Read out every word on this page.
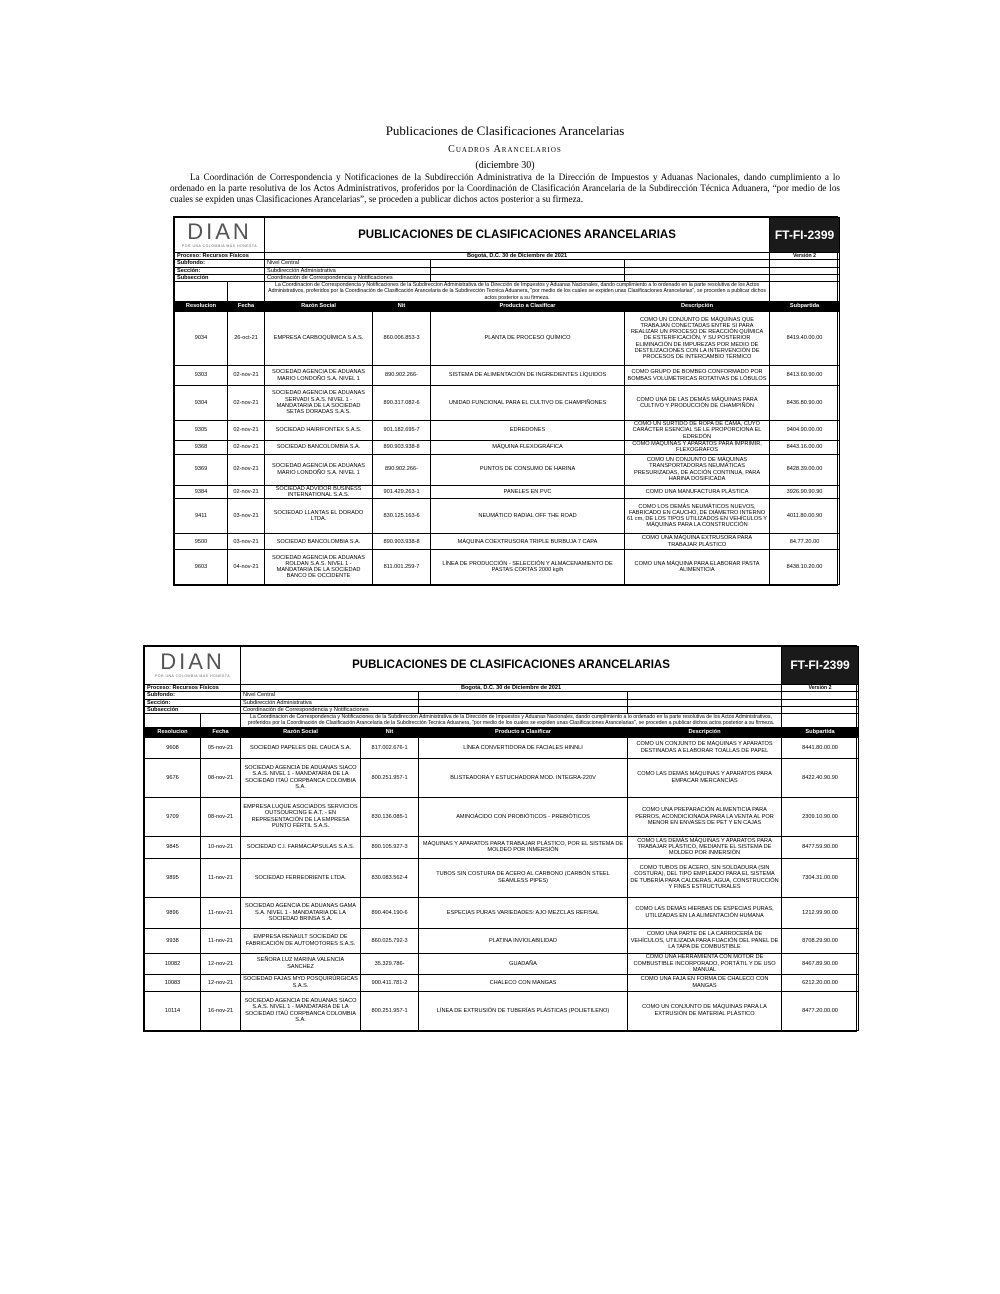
Publicaciones de Clasificaciones Arancelarias
Cuadros Arancelarios
(diciembre 30)
La Coordinación de Correspondencia y Notificaciones de la Subdirección Administrativa de la Dirección de Impuestos y Aduanas Nacionales, dando cumplimiento a lo ordenado en la parte resolutiva de los Actos Administrativos, proferidos por la Coordinación de Clasificación Arancelaria de la Subdirección Técnica Aduanera, “por medio de los cuales se expiden unas Clasificaciones Arancelarias”, se proceden a publicar dichos actos posterior a su firmeza.
DIAN
POR UNA COLOMBIA MÁS HONESTA		PUBLICACIONES DE CLASIFICACIONES ARANCELARIAS				FT-FI-2399
Proceso: Recursos Físicos		Bogotá, D.C. 30 de Diciembre de 2021				Versión 2
Subfondo:		Nivel Central				
Sección:		Subdirección Administrativa				
Subsección		Coordinación de Correspondencia y Notificaciones				
		La Coordinacion de Correspondencia y Notificaciones de la Subdireccion Administrativa de la Dirección de Impuestos y Aduanas Nacionales, dando cumplimiento a lo ordenado en la parte resolutiva de los Actos Administrativos, proferidos por la Coordinación de Clasificación Arancelaria de la Subdirección Tecnica Aduanera, "por medio de los cuales se expiden unas Clasificaciones Arancelarias", se proceden a publicar dichos actos posterior a su firmeza.				
Resolucion	Fecha	Razón Social	Nit	Producto a Clasificar	Descripción	Subpartida
9034	26-oct-21	EMPRESA CARBOQUÍMICA S.A.S.	860.006.853-3	PLANTA DE PROCESO QUÍMICO	COMO UN CONJUNTO DE MÁQUINAS QUE TRABAJAN CONECTADAS ENTRE SI PARA REALIZAR UN PROCESO DE REACCIÓN QUÍMICA DE ESTERIFICACIÓN, Y SU POSTERIOR ELIMINACIÓN DE IMPUREZAS POR MEDIO DE DESTILIZACIONES CON LA INTERVENCIÓN DE PROCESOS DE INTERCAMBIO TÉRMICO	8419.40.00.00
9303	02-nov-21	SOCIEDAD AGENCIA DE ADUANAS MARIO LONDOÑO S.A. NIVEL 1	890.902.266-	SISTEMA DE ALIMENTACIÓN DE INGREDIENTES LÍQUIDOS	COMO GRUPO DE BOMBEO CONFORMADO POR BOMBAS VOLUMÉTRICAS ROTATIVAS DE LÓBULOS	8413.60.90.00
9304	02-nov-21	SOCIEDAD AGENCIA DE ADUANAS SERVADI S.A.S. NIVEL 1 - MANDATARIA DE LA SOCIEDAD SETAS DORADAS S.A.S.	890.317.082-6	UNIDAD FUNCIONAL PARA EL CULTIVO DE CHAMPIÑONES	COMO UNA DE LAS DEMÁS MÁQUINAS PARA CULTIVO Y PRODUCCIÓN DE CHAMPIÑÓN	8436.80.90.00
9305	02-nov-21	SOCIEDAD HAIRIFONTEX S.A.S.	901.182.695-7	EDREDONES	COMO UN SURTIDO DE ROPA DE CAMA, CUYO CARÁCTER ESENCIAL SE LE PROPORCIONA EL EDREDÓN	9404.90.00.00
9368	02-nov-21	SOCIEDAD BANCOLOMBIA S.A.	890.903.938-8	MÁQUINA FLEXOGRÁFICA	COMO MÁQUINAS Y APARATOS PARA IMPRIMIR, FLEXOGRAFOS	8443.16.00.00
9369	02-nov-21	SOCIEDAD AGENCIA DE ADUANAS MARIO LONDOÑO S.A. NIVEL 1	890.902.266-	PUNTOS DE CONSUMO DE HARINA	COMO UN CONJUNTO DE MÁQUINAS TRANSPORTADORAS NEUMÁTICAS PRESURIZADAS, DE ACCIÓN CONTINUA, PARA HARINA DOSIFICADA	8428.39.00.00
9384	02-nov-21	SOCIEDAD ADVIDOR BUSINESS INTERNATIONAL S.A.S.	901.429.263-1	PANELES EN PVC	COMO UNA MANUFACTURA PLÁSTICA	3926.90.90.90
9411	03-nov-21	SOCIEDAD LLANTAS EL DORADO LTDA.	830.125.163-6	NEUMÁTICO RADIAL OFF THE ROAD	COMO LOS DEMÁS NEUMÁTICOS NUEVOS, FABRICADO EN CAUCHO, DE DIÁMETRO INTERNO 61 cm, DE LOS TIPOS UTILIZADOS EN VEHÍCULOS Y MÁQUINAS PARA LA CONSTRUCCIÓN	4011.80.00.90
9500	03-nov-21	SOCIEDAD BANCOLOMBIA S.A.	890.903.938-8	MÁQUINA COEXTRUSORA TRIPLE BURBUJA 7 CAPA	COMO UNA MÁQUINA EXTRUSORA PARA TRABAJAR PLÁSTICO	84.77.20.00
9603	04-nov-21	SOCIEDAD AGENCIA DE ADUANAS ROLDAN S.A.S. NIVEL 1 - MANDATARIA DE LA SOCIEDAD BANCO DE OCCIDENTE	811.001.259-7	LÍNEA DE PRODUCCIÓN - SELECCIÓN Y ALMACENAMIENTO DE PASTAS CORTAS 2000 kg/h	COMO UNA MÁQUINA PARA ELABORAR PASTA ALIMENTICIA	8438.10.20.00
DIAN
POR UNA COLOMBIA MÁS HONESTA		PUBLICACIONES DE CLASIFICACIONES ARANCELARIAS				FT-FI-2399
Proceso: Recursos Físicos		Bogotá, D.C. 30 de Diciembre de 2021				Versión 2
Subfondo:		Nivel Central				
Sección:		Subdirección Administrativa				
Subsección		Coordinación de Correspondencia y Notificaciones				
		La Coordinacion de Correspondencia y Notificaciones de la Subdireccion Administrativa de la Dirección de Impuestos y Aduanas Nacionales, dando cumplimiento a lo ordenado en la parte resolutiva de los Actos Administrativos, proferidos por la Coordinación de Clasificación Arancelaria de la Subdirección Tecnica Aduanera, "por medio de los cuales se expiden unas Clasificaciones Arancelarias", se proceden a publicar dichos actos posterior a su firmeza.				
Resolucion	Fecha	Razón Social	Nit	Producto a Clasificar	Descripción	Subpartida
9608	05-nov-21	SOCIEDAD PAPELES DEL CAUCA S.A.	817.002.676-1	LÍNEA CONVERTIDORA DE FACIALES HINNLI	COMO UN CONJUNTO DE MÁQUINAS Y APARATOS DESTINADAS A ELABORAR TOALLAS DE PAPEL	8441.80.00.00
9676	08-nov-21	SOCIEDAD AGENCIA DE ADUANAS SIACO S.A.S. NIVEL 1 - MANDATARIA DE LA SOCIEDAD ITAÚ CORPBANCA COLOMBIA S.A.	800.251.957-1	BLISTEADORA Y ESTUCHADORA MOD. INTEGRA-220V	COMO LAS DEMÁS MÁQUINAS Y APARATOS PARA EMPACAR MERCANCÍAS	8422.40.90.90
9709	08-nov-21	EMPRESA LUQUE ASOCIADOS SERVICIOS OUTSOURCING E.A.T. - EN REPRESENTACIÓN DE LA EMPRESA PUNTO FÉRTIL S.A.S.	830.136.085-1	AMINOÁCIDO CON PROBIÓTICOS - PREBIÓTICOS	COMO UNA PREPARACIÓN ALIMENTICIA PARA PERROS, ACONDICIONADA PARA LA VENTA AL POR MENOR EN ENVASES DE PET Y EN CAJAS	2309.10.90.00
9845	10-nov-21	SOCIEDAD C.I. FARMACÁPSULAS S.A.S.	890.105.927-3	MÁQUINAS Y APARATOS PARA TRABAJAR PLÁSTICO, POR EL SISTEMA DE MOLDEO POR INMERSIÓN	COMO LAS DEMÁS MÁQUINAS Y APARATOS PARA TRABAJAR PLÁSTICO, MEDIANTE EL SISTEMA DE MOLDEO POR INMERSIÓN	8477.59.90.00
9895	11-nov-21	SOCIEDAD FERREORIENTE LTDA.	830.083.562-4	TUBOS SIN COSTURA DE ACERO AL CARBONO (CARBÓN STEEL SEAMLESS PIPES)	COMO TUBOS DE ACERO, SIN SOLDADURA (SIN COSTURA), DEL TIPO EMPLEADO PARA EL SISTEMA DE TUBERÍA PARA CALDERAS, AGUA, CONSTRUCCIÓN Y FINES ESTRUCTURALES	7304.31.00.00
9896	11-nov-21	SOCIEDAD AGENCIA DE ADUANAS GAMA S.A. NIVEL 1 - MANDATARIA DE LA SOCIEDAD BRINSA S.A.	890.404.190-6	ESPECIAS PURAS VARIEDADES: AJO MEZCLAS REFISAL	COMO LAS DEMÁS HIERBAS DE ESPECIAS PURAS, UTILIZADAS EN LA ALIMENTACIÓN HUMANA	1212.99.90.00
9938	11-nov-21	EMPRESA RENAULT SOCIEDAD DE FABRICACIÓN DE AUTOMOTORES S.A.S.	860.025.792-3	PLATINA INVIOLABILIDAD	COMO UNA PARTE DE LA CARROCERÍA DE VEHÍCULOS, UTILIZADA PARA FIJACIÓN DEL PANEL DE LA TAPA DE COMBUSTIBLE	8708.29.90.00
10082	12-nov-21	SEÑORA LUZ MARINA VALENCIA SANCHEZ	35.329.786-	GUADAÑA	COMO UNA HERRAMIENTA CON MOTOR DE COMBUSTIBLE INCORPORADO, PORTÁTIL Y DE USO MANUAL	8467.89.90.00
10083	12-nov-21	SOCIEDAD FAJAS MYD POSQUIRÚRGICAS S.A.S.	900.411.781-2	CHALECO CON MANGAS	COMO UNA FAJA EN FORMA DE CHALECO CON MANGAS	6212.20.00.00
10114	16-nov-21	SOCIEDAD AGENCIA DE ADUANAS SIACO S.A.S. NIVEL 1 - MANDATARIA DE LA SOCIEDAD ITAÚ CORPBANCA COLOMBIA S.A.	800.251.957-1	LÍNEA DE EXTRUSIÓN DE TUBERÍAS PLÁSTICAS (POLIETILENO)	COMO UN CONJUNTO DE MÁQUINAS PARA LA EXTRUSIÓN DE MATERIAL PLÁSTICO	8477.20.00.00
